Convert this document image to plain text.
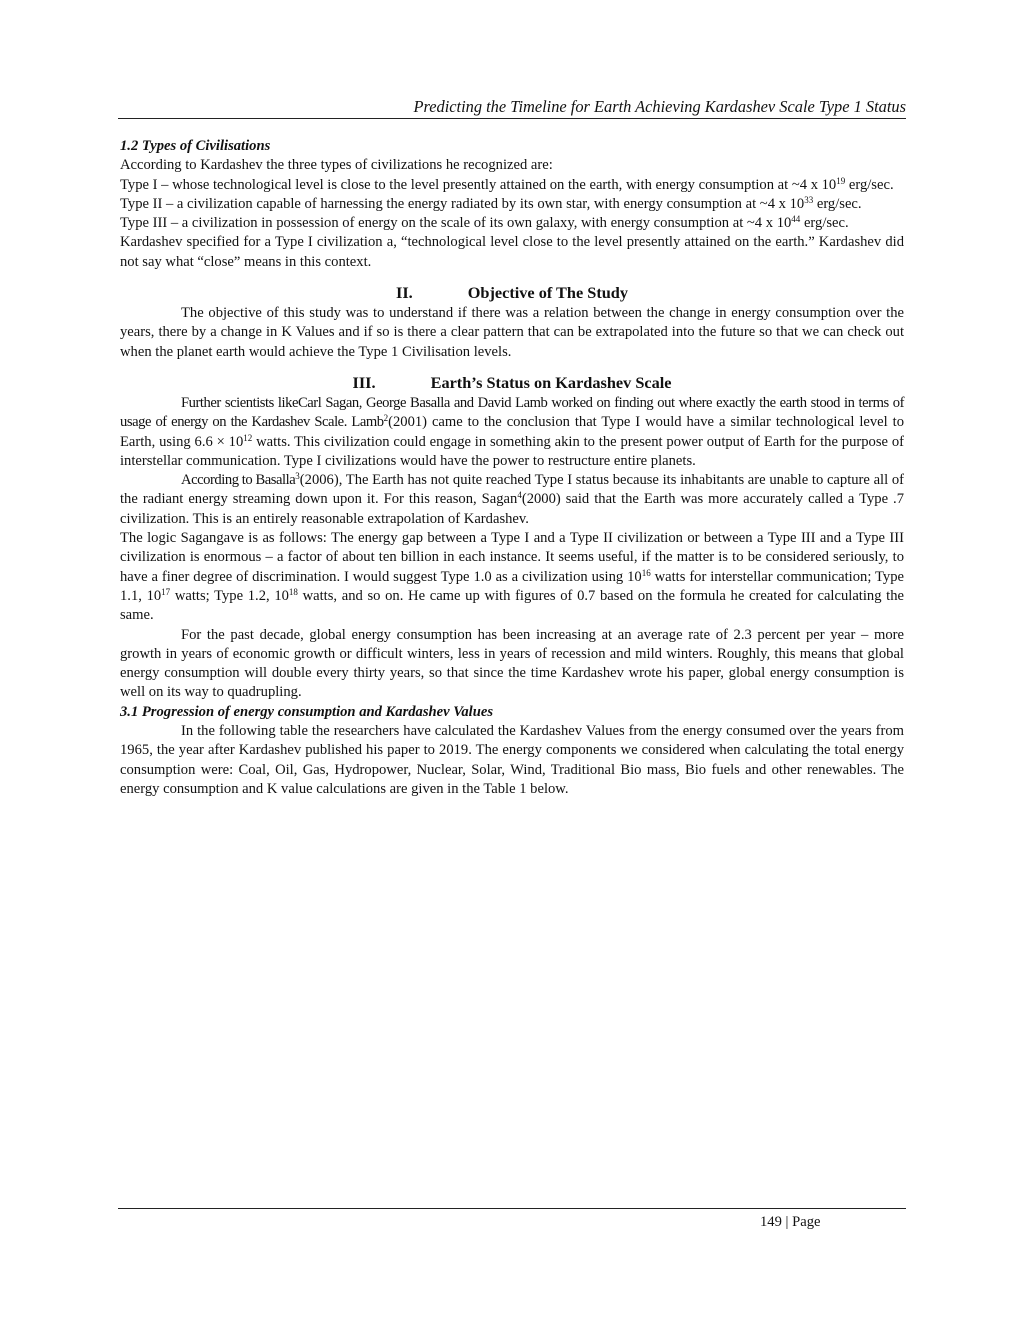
Predicting the Timeline for Earth Achieving Kardashev Scale Type 1 Status

1.2 Types of Civilisations

According to Kardashev the three types of civilizations he recognized are:

Type I – whose technological level is close to the level presently attained on the earth, with energy consumption at ~4 x $10^{19}$ erg/sec.

Type II – a civilization capable of harnessing the energy radiated by its own star, with energy consumption at ~4 x $10^{33}$ erg/sec.

Type III – a civilization in possession of energy on the scale of its own galaxy, with energy consumption at ~4 x $10^{44}$ erg/sec.

Kardashev specified for a Type I civilization a, “technological level close to the level presently attained on the earth.” Kardashev did not say what “close” means in this context.

II.	Objective of The Study

The objective of this study was to understand if there was a relation between the change in energy consumption over the years, there by a change in K Values and if so is there a clear pattern that can be extrapolated into the future so that we can check out when the planet earth would achieve the Type 1 Civilisation levels.

III.	Earth’s Status on Kardashev Scale

Further scientists likeCarl Sagan, George Basalla and David Lamb worked on finding out where exactly the earth stood in terms of usage of energy on the Kardashev Scale. Lamb$^2$(2001) came to the conclusion that Type I would have a similar technological level to Earth, using $6.6 \times 10^{12}$ watts. This civilization could engage in something akin to the present power output of Earth for the purpose of interstellar communication. Type I civilizations would have the power to restructure entire planets.

According to Basalla$^3$(2006), The Earth has not quite reached Type I status because its inhabitants are unable to capture all of the radiant energy streaming down upon it. For this reason, Sagan$^4$(2000) said that the Earth was more accurately called a Type .7 civilization. This is an entirely reasonable extrapolation of Kardashev.

The logic Sagangave is as follows: The energy gap between a Type I and a Type II civilization or between a Type III and a Type III civilization is enormous – a factor of about ten billion in each instance. It seems useful, if the matter is to be considered seriously, to have a finer degree of discrimination. I would suggest Type 1.0 as a civilization using $10^{16}$ watts for interstellar communication; Type 1.1, $10^{17}$ watts; Type 1.2, $10^{18}$ watts, and so on. He came up with figures of 0.7 based on the formula he created for calculating the same.

For the past decade, global energy consumption has been increasing at an average rate of 2.3 percent per year – more growth in years of economic growth or difficult winters, less in years of recession and mild winters. Roughly, this means that global energy consumption will double every thirty years, so that since the time Kardashev wrote his paper, global energy consumption is well on its way to quadrupling.

3.1 Progression of energy consumption and Kardashev Values

In the following table the researchers have calculated the Kardashev Values from the energy consumed over the years from 1965, the year after Kardashev published his paper to 2019. The energy components we considered when calculating the total energy consumption were: Coal, Oil, Gas, Hydropower, Nuclear, Solar, Wind, Traditional Bio mass, Bio fuels and other renewables. The energy consumption and K value calculations are given in the Table 1 below.

149 | Page
